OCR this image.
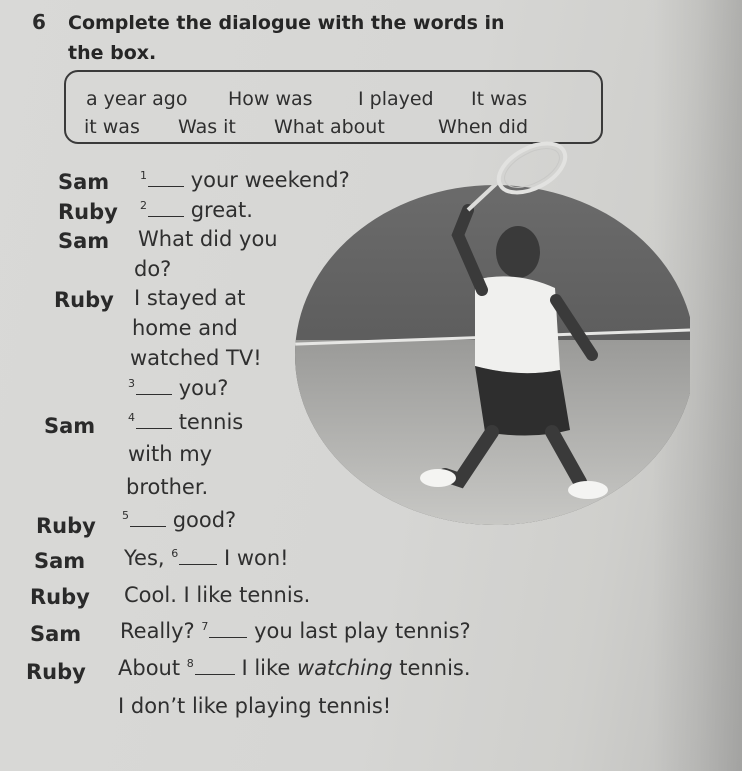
6 Complete the dialogue with the words in
the box.
a year ago How was I played It was
it was Was it What about	When did
Sam	$^1$ your weekend?
Ruby $^2$ great.
Sam What did you
do?
Ruby I stayed at
home and
watched TV!
$^3$ you?
Sam	$^4$ tennis
with my
brother.
Ruby $^5$ good?
Sam Yes, $^6$ I won!
Ruby Cool. I like tennis.
Sam Really? $^7$ you last play tennis?
Ruby About $^8$ I like watching tennis.
I don’t like playing tennis!
